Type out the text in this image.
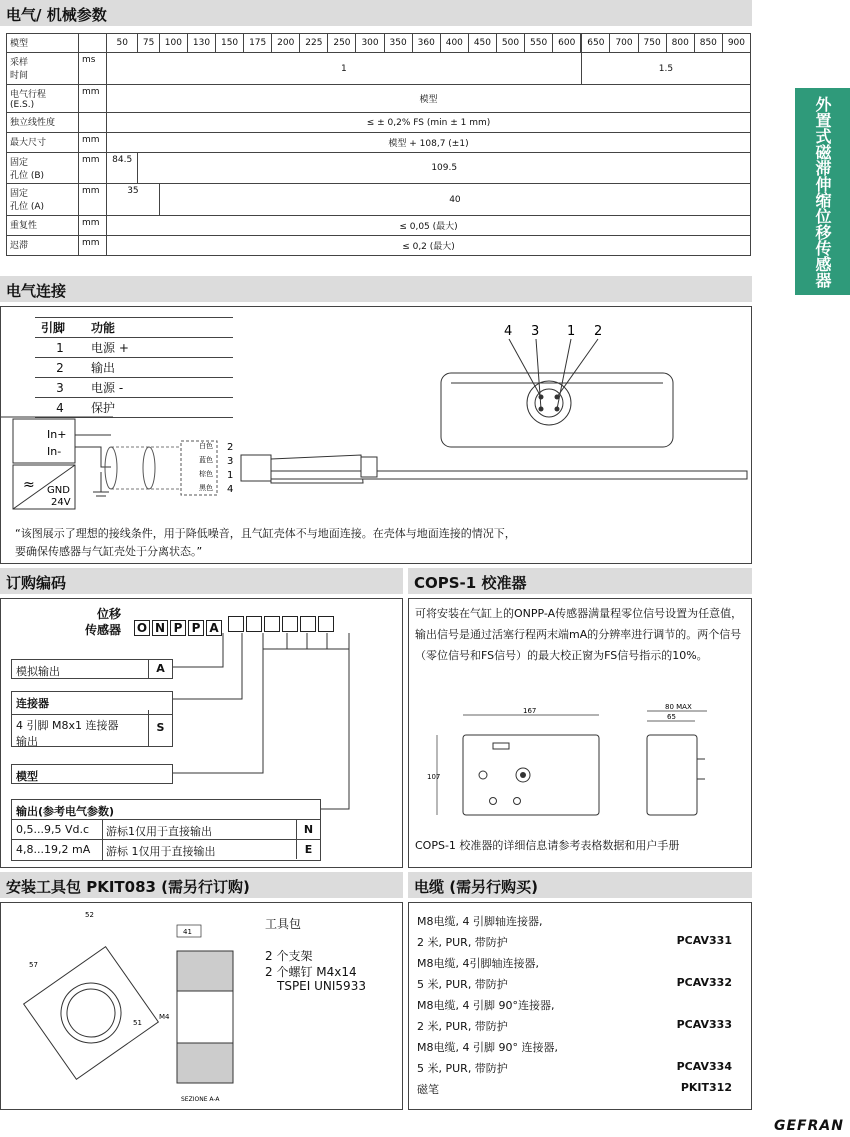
电气/ 机械参数
模型		50	75	100	130	150	175	200	225	250	300	350	360	400	450	500	550	600	650	700	750	800	850	900
采样
时间	ms	1																	1.5					
电气行程
(E.S.)	mm	模型																						
独立线性度		≤ ± 0,2% FS (min ± 1 mm)																						
最大尺寸	mm	模型 + 108,7 (±1)																						
固定
孔位 (B)	mm	84.5	109.5																					
固定
孔位 (A)	mm	35		40																				
重复性	mm	≤ 0,05 (最大)																						
迟滞	mm	≤ 0,2 (最大)																							外置式磁滞伸缩位移传感器
电气连接
引脚	功能
1	电源 +
2	输出
3	电源 -
4	保护
In+
In-
≈ GND
24V
白色
蓝色
棕色
黑色
2
3
1
4
4 3 1 2
“该图展示了理想的接线条件，用于降低噪音，且气缸壳体不与地面连接。在壳体与地面连接的情况下，
要确保传感器与气缸壳处于分离状态。”
订购编码
位移
传感器 O N P P A
模拟输出	A
连接器
4 引脚 M8x1 连接器
输出
S
模型
输出(参考电气参数)
0,5...9,5 Vd.c 游标1仅用于直接输出	N
4,8...19,2 mA 游标 1仅用于直接输出	E
COPS-1 校准器
可将安装在气缸上的ONPP-A传感器满量程零位信号设置为任意值，输出信号是通过活塞行程两末端mA的分辨率进行调节的。两个信号（零位信号和FS信号）的最大校正窗为FS信号指示的10%。
167
107
80 MAX
65
COPS-1 校准器的详细信息请参考表格数据和用户手册
安装工具包 PKIT083 (需另行订购)
52
57
41
M4
51
SEZIONE A-A
工具包
2 个支架
2 个螺钉 M4x14
TSPEI UNI5933
电缆 (需另行购买)
M8电缆, 4 引脚轴连接器,
2 米, PUR, 带防护	PCAV331
M8电缆, 4引脚轴连接器,
5 米, PUR, 带防护	PCAV332
M8电缆, 4 引脚 90°连接器,
2 米, PUR, 带防护	PCAV333
M8电缆, 4 引脚 90° 连接器,
5 米, PUR, 带防护	PCAV334
磁笔	PKIT312
GEFRAN
